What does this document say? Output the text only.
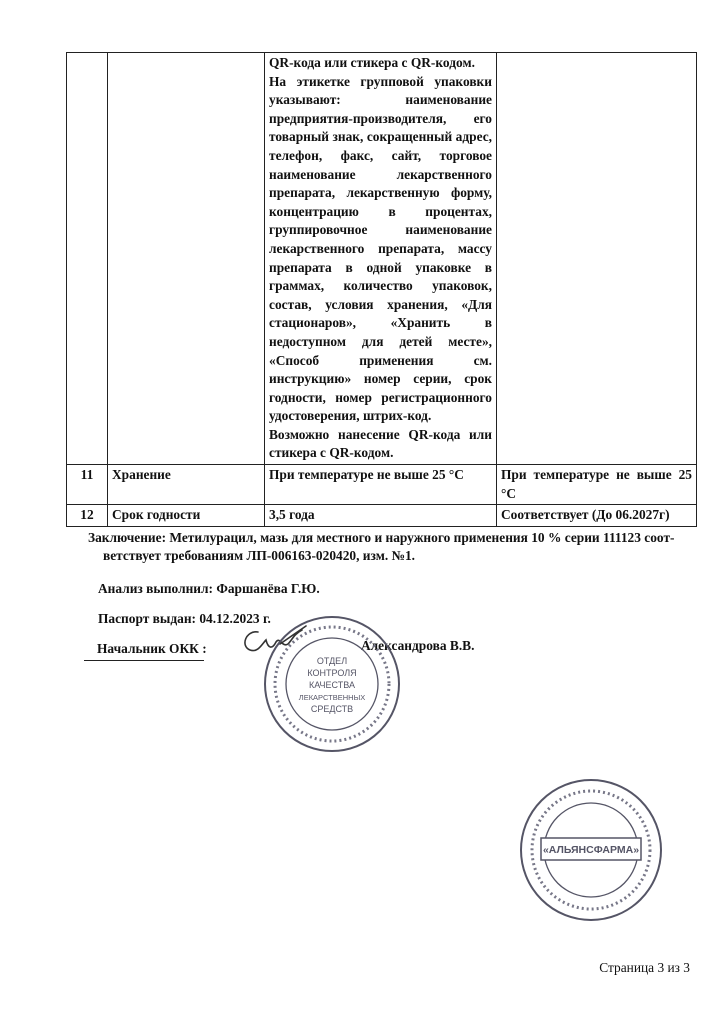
		QR-кода или стикера с QR-кодом.
На этикетке групповой упаковки указывают: наименование предприятия-производителя, его товарный знак, сокращенный адрес, телефон, факс, сайт, торговое наименование лекарственного препарата, лекарственную форму, концентрацию в процентах, группировочное наименование лекарственного препарата, массу препарата в одной упаковке в граммах, количество упаковок, состав, условия хранения, «Для стационаров», «Хранить в недоступном для детей месте», «Способ применения см. инструкцию» номер серии, срок годности, номер регистрационного удостоверения, штрих-код.
Возможно нанесение QR-кода или стикера с QR-кодом.	

11	Хранение	При температуре не выше 25 °С	При температуре не выше 25 °С
12	Срок годности	3,5 года	Соответствует (До 06.2027г)
Заключение: Метилурацил, мазь для местного и наружного применения 10 % серии 111123 соот-
ветствует требованиям ЛП-006163-020420, изм. №1.
Анализ выполнил: Фаршанёва Г.Ю.
Паспорт выдан: 04.12.2023 г.
Начальник ОКК :	Александрова В.В.
ОТДЕЛ
КОНТРОЛЯ
КАЧЕСТВА
ЛЕКАРСТВЕННЫХ
СРЕДСТВ
«АЛЬЯНСФАРМА»
Страница 3 из 3
